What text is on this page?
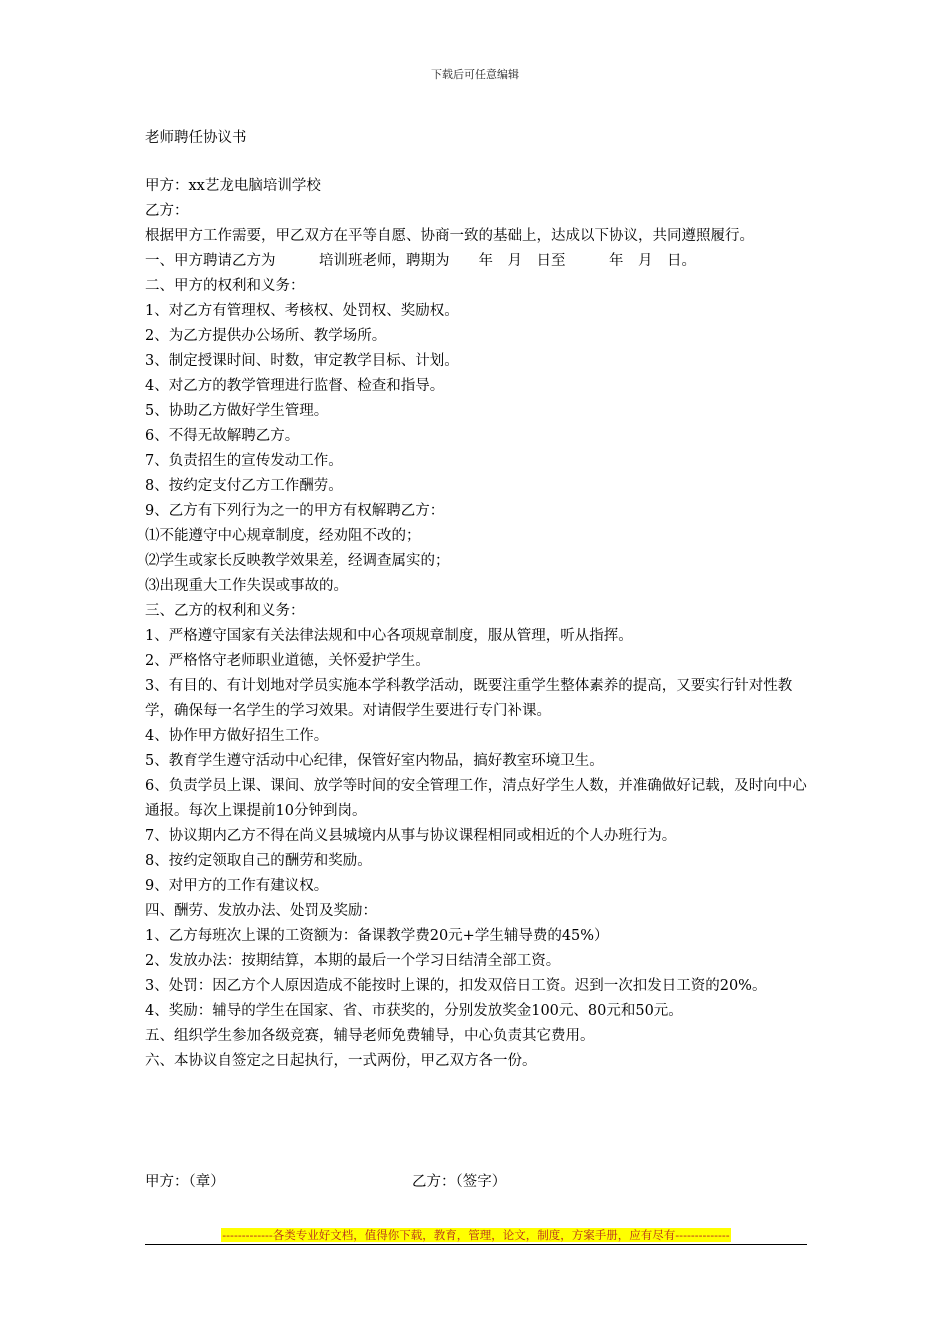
下载后可任意编辑

老师聘任协议书

甲方：xx艺龙电脑培训学校

乙方：

根据甲方工作需要，甲乙双方在平等自愿、协商一致的基础上，达成以下协议，共同遵照履行。

一、甲方聘请乙方为　　　培训班老师，聘期为　　年　月　日至　　　年　月　日。

二、甲方的权利和义务：

1、对乙方有管理权、考核权、处罚权、奖励权。

2、为乙方提供办公场所、教学场所。

3、制定授课时间、时数，审定教学目标、计划。

4、对乙方的教学管理进行监督、检查和指导。

5、协助乙方做好学生管理。

6、不得无故解聘乙方。

7、负责招生的宣传发动工作。

8、按约定支付乙方工作酬劳。

9、乙方有下列行为之一的甲方有权解聘乙方：

⑴不能遵守中心规章制度，经劝阻不改的；

⑵学生或家长反映教学效果差，经调查属实的；

⑶出现重大工作失误或事故的。

三、乙方的权利和义务：

1、严格遵守国家有关法律法规和中心各项规章制度，服从管理，听从指挥。

2、严格恪守老师职业道德，关怀爱护学生。

3、有目的、有计划地对学员实施本学科教学活动，既要注重学生整体素养的提高，又要实行针对性教学，确保每一名学生的学习效果。对请假学生要进行专门补课。

4、协作甲方做好招生工作。

5、教育学生遵守活动中心纪律，保管好室内物品，搞好教室环境卫生。

6、负责学员上课、课间、放学等时间的安全管理工作，清点好学生人数，并准确做好记载，及时向中心通报。每次上课提前10分钟到岗。

7、协议期内乙方不得在尚义县城境内从事与协议课程相同或相近的个人办班行为。

8、按约定领取自己的酬劳和奖励。

9、对甲方的工作有建议权。

四、酬劳、发放办法、处罚及奖励：

1、乙方每班次上课的工资额为：备课教学费20元+学生辅导费的45%）

2、发放办法：按期结算，本期的最后一个学习日结清全部工资。

3、处罚：因乙方个人原因造成不能按时上课的，扣发双倍日工资。迟到一次扣发日工资的20%。

4、奖励：辅导的学生在国家、省、市获奖的，分别发放奖金100元、80元和50元。

五、组织学生参加各级竞赛，辅导老师免费辅导，中心负责其它费用。

六、本协议自签定之日起执行，一式两份，甲乙双方各一份。

甲方：（章）	乙方：（签字）
-------------各类专业好文档，值得你下载，教育，管理，论文，制度，方案手册，应有尽有--------------
